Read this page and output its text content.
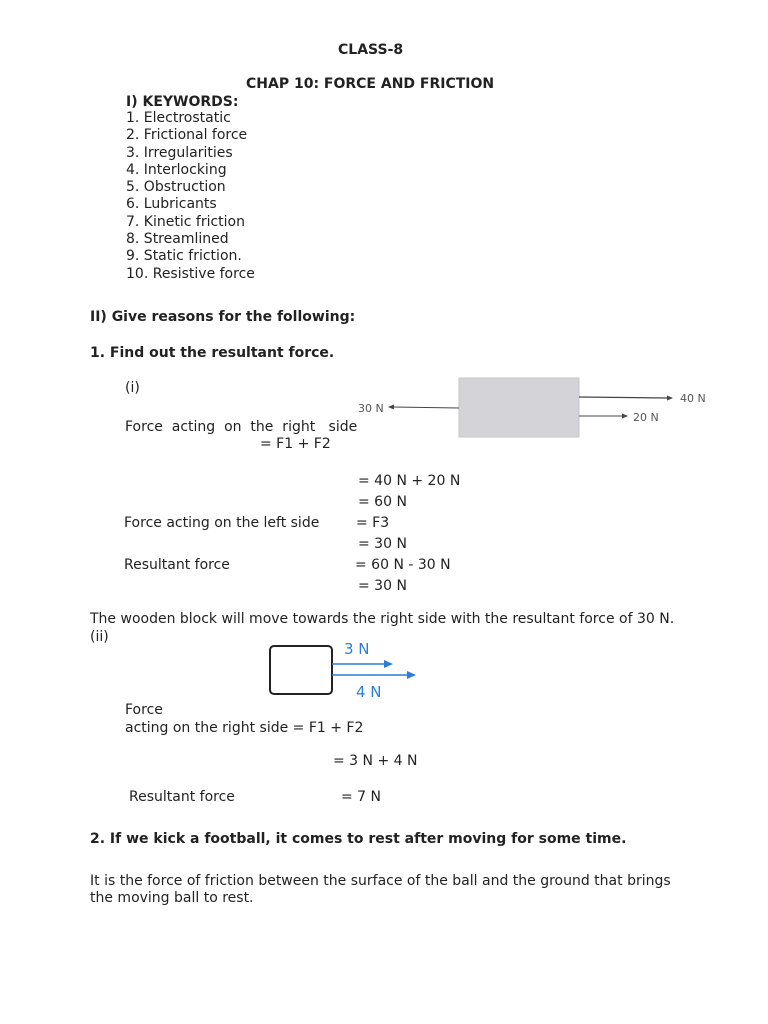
CLASS-8
CHAP 10: FORCE AND FRICTION
I) KEYWORDS:
1. Electrostatic
2. Frictional force
3. Irregularities
4. Interlocking
5. Obstruction
6. Lubricants
7. Kinetic friction
8. Streamlined
9. Static friction.
10. Resistive force
II) Give reasons for the following:
1. Find out the resultant force.
(i)
30 N
40 N
20 N
Force  acting  on  the  right   side
= F1 + F2
= 40 N + 20 N
= 60 N
Force acting on the left side	= F3
= 30 N
Resultant force	= 60 N - 30 N
= 30 N
The wooden block will move towards the right side with the resultant force of 30 N.
(ii)
3 N
4 N
Force
acting on the right side = F1 + F2
= 3 N + 4 N
Resultant force	= 7 N
2. If we kick a football, it comes to rest after moving for some time.
It is the force of friction between the surface of the ball and the ground that brings
the moving ball to rest.
